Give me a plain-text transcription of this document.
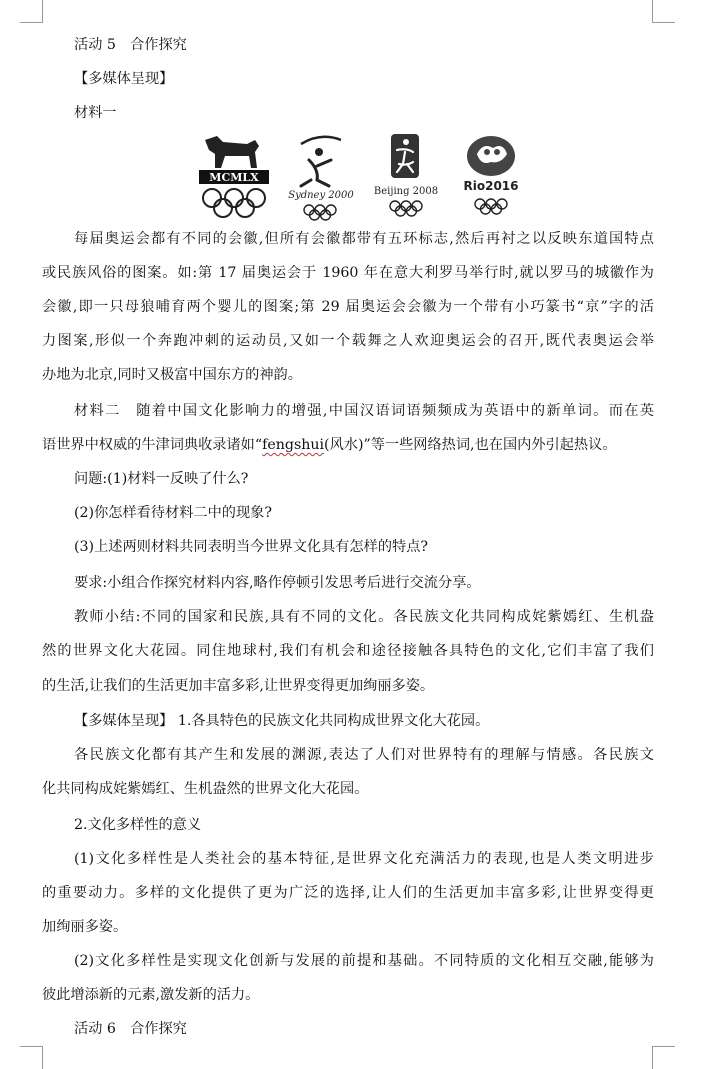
活动 5　合作探究
【多媒体呈现】
材料一
MCMLX
Sydney 2000 Beijing 2008 Rio2016
每届奥运会都有不同的会徽,但所有会徽都带有五环标志,然后再衬之以反映东道国特点
或民族风俗的图案。如:第 17 届奥运会于 1960 年在意大利罗马举行时,就以罗马的城徽作为
会徽,即一只母狼哺育两个婴儿的图案;第 29 届奥运会会徽为一个带有小巧篆书“京”字的活
力图案,形似一个奔跑冲刺的运动员,又如一个载舞之人欢迎奥运会的召开,既代表奥运会举
办地为北京,同时又极富中国东方的神韵。
材料二　随着中国文化影响力的增强,中国汉语词语频频成为英语中的新单词。而在英
语世界中权威的牛津词典收录诸如“fengshui(风水)”等一些网络热词,也在国内外引起热议。
问题:(1)材料一反映了什么?
(2)你怎样看待材料二中的现象?
(3)上述两则材料共同表明当今世界文化具有怎样的特点?
要求:小组合作探究材料内容,略作停顿引发思考后进行交流分享。
教师小结:不同的国家和民族,具有不同的文化。各民族文化共同构成姹紫嫣红、生机盎
然的世界文化大花园。同住地球村,我们有机会和途径接触各具特色的文化,它们丰富了我们
的生活,让我们的生活更加丰富多彩,让世界变得更加绚丽多姿。
【多媒体呈现】 1.各具特色的民族文化共同构成世界文化大花园。
各民族文化都有其产生和发展的渊源,表达了人们对世界特有的理解与情感。各民族文
化共同构成姹紫嫣红、生机盎然的世界文化大花园。
2.文化多样性的意义
(1)文化多样性是人类社会的基本特征,是世界文化充满活力的表现,也是人类文明进步
的重要动力。多样的文化提供了更为广泛的选择,让人们的生活更加丰富多彩,让世界变得更
加绚丽多姿。
(2)文化多样性是实现文化创新与发展的前提和基础。不同特质的文化相互交融,能够为
彼此增添新的元素,激发新的活力。
活动 6　合作探究
